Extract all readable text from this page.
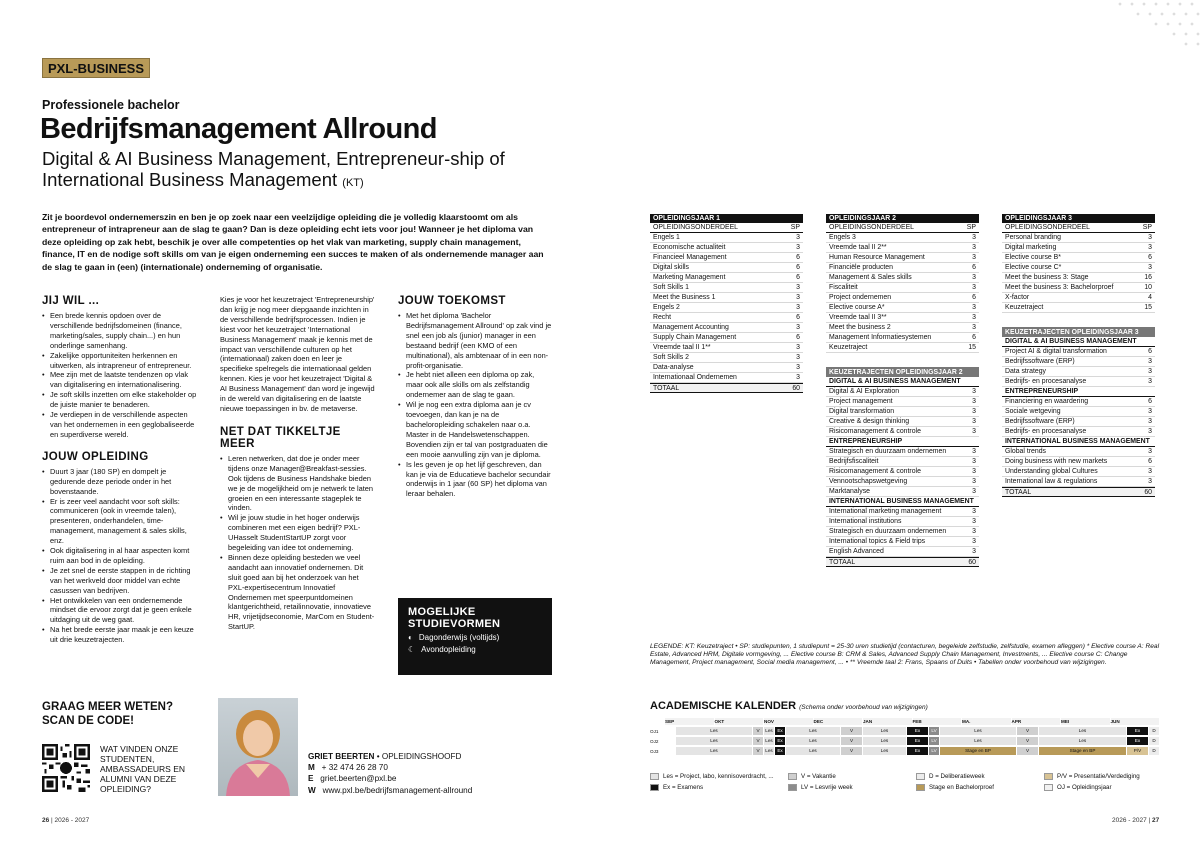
PXL-BUSINESS
Professionele bachelor
Bedrijfsmanagement Allround
Digital & AI Business Management, Entrepreneur-ship of International Business Management (KT)
Zit je boordevol ondernemerszin en ben je op zoek naar een veelzijdige opleiding die je volledig klaarstoomt om als entrepreneur of intrapreneur aan de slag te gaan? Dan is deze opleiding echt iets voor jou! Wanneer je het diploma van deze opleiding op zak hebt, beschik je over alle competenties op het vlak van marketing, supply chain management, finance, IT en de nodige soft skills om van je eigen onderneming een succes te maken of als ondernemende manager aan de slag te gaan in (een) (internationale) onderneming of organisatie.
JIJ WIL ...
• Een brede kennis opdoen over de verschillende bedrijfsdomeinen (finance, marketing/sales, supply chain...) en hun onderlinge samenhang.
• Zakelijke opportuniteiten herkennen en uitwerken, als intrapreneur of entrepreneur.
• Mee zijn met de laatste tendenzen op vlak van digitalisering en internationalisering.
• Je soft skills inzetten om elke stakeholder op de juiste manier te benaderen.
• Je verdiepen in de verschillende aspecten van het ondernemen in een geglobaliseerde en superdiverse wereld.
JOUW OPLEIDING
• Duurt 3 jaar (180 SP) en dompelt je gedurende deze periode onder in het bovenstaande.
• Er is zeer veel aandacht voor soft skills: communiceren (ook in vreemde talen), presenteren, onderhandelen, time-management, management & sales skills, enz.
• Ook digitalisering in al haar aspecten komt ruim aan bod in de opleiding.
• Je zet snel de eerste stappen in de richting van het werkveld door middel van echte casussen van bedrijven.
• Het ontwikkelen van een ondernemende mindset die ervoor zorgt dat je geen enkele uitdaging uit de weg gaat.
• Na het brede eerste jaar maak je een keuze uit drie keuzetrajecten.
Kies je voor het keuzetraject 'Entrepreneurship' dan krijg je nog meer diepgaande inzichten in de verschillende bedrijfsprocessen. Indien je kiest voor het keuzetraject 'International Business Management' maak je kennis met de impact van verschillende culturen op het (internationaal) zaken doen en leer je specifieke spelregels die internationaal gelden kennen. Kies je voor het keuzetraject 'Digital & AI Business Management' dan word je ingewijd in de wereld van digitalisering en de laatste nieuwe toepassingen in bv. de metaverse.
NET DAT TIKKELTJE MEER
• Leren netwerken, dat doe je onder meer tijdens onze Manager@Breakfast-sessies. Ook tijdens de Business Handshake bieden we je de mogelijkheid om je netwerk te laten groeien en een interessante stageplek te vinden.
• Wil je jouw studie in het hoger onderwijs combineren met een eigen bedrijf? PXL-UHasselt StudentStartUP zorgt voor begeleiding van idee tot onderneming.
• Binnen deze opleiding besteden we veel aandacht aan innovatief ondernemen. Dit sluit goed aan bij het onderzoek van het PXL-expertisecentrum Innovatief Ondernemen met speerpuntdomeinen klantgerichtheid, retailinnovatie, innovatieve HR, vrijetijdseconomie, MarCom en Student-StartUP.
JOUW TOEKOMST
• Met het diploma 'Bachelor Bedrijfsmanagement Allround' op zak vind je snel een job als (junior) manager in een bestaand bedrijf (een KMO of een multinational), als ambtenaar of in een non-profit-organisatie.
• Je hebt niet alleen een diploma op zak, maar ook alle skills om als zelfstandig ondernemer aan de slag te gaan.
• Wil je nog een extra diploma aan je cv toevoegen, dan kan je na de bacheloropleiding schakelen naar o.a. Master in de Handelswetenschappen. Bovendien zijn er tal van postgraduaten die een mooie aanvulling zijn van je diploma.
• Is les geven je op het lijf geschreven, dan kan je via de Educatieve bachelor secundair onderwijs in 1 jaar (60 SP) het diploma van leraar behalen.
MOGELIJKE STUDIEVORMEN
◐ Dagonderwijs (voltijds)
☾ Avondopleiding
GRAAG MEER WETEN? SCAN DE CODE!
WAT VINDEN ONZE STUDENTEN, AMBASSADEURS EN ALUMNI VAN DEZE OPLEIDING?
GRIET BEERTEN • OPLEIDINGSHOOFD
M + 32 474 26 28 70
E griet.beerten@pxl.be
W www.pxl.be/bedrijfsmanagement-allround
26 | 2026 - 2027	2026 - 2027 | 27
OPLEIDINGSJAAR 1
OPLEIDINGSONDERDEEL	SP
Engels 1	3
Economische actualiteit	3
Financieel Management	6
Digital skills	6
Marketing Management	6
Soft Skills 1	3
Meet the Business 1	3
Engels 2	3
Recht	6
Management Accounting	3
Supply Chain Management	6
Vreemde taal II 1**	3
Soft Skills 2	3
Data-analyse	3
Internationaal Ondernemen	3
TOTAAL	60
OPLEIDINGSJAAR 2
OPLEIDINGSONDERDEEL	SP
Engels 3	3
Vreemde taal II 2**	3
Human Resource Management	3
Financiële producten	6
Management & Sales skills	3
Fiscaliteit	3
Project ondernemen	6
Elective course A*	3
Vreemde taal II 3**	3
Meet the business 2	3
Management Informatiesystemen	6
Keuzetraject	15
KEUZETRAJECTEN OPLEIDINGSJAAR 2
DIGITAL & AI BUSINESS MANAGEMENT
Digital & AI Exploration	3
Project management	3
Digital transformation	3
Creative & design thinking	3
Risicomanagement & controle	3
ENTREPRENEURSHIP
Strategisch en duurzaam ondernemen	3
Bedrijfsfiscaliteit	3
Risicomanagement & controle	3
Vennootschapswetgeving	3
Marktanalyse	3
INTERNATIONAL BUSINESS MANAGEMENT
International marketing management	3
International institutions	3
Strategisch en duurzaam ondernemen	3
International topics & Field trips	3
English Advanced	3
TOTAAL	60
OPLEIDINGSJAAR 3
OPLEIDINGSONDERDEEL	SP
Personal branding	3
Digital marketing	3
Elective course B*	6
Elective course C*	3
Meet the business 3: Stage	16
Meet the business 3: Bachelorproef	10
X-factor	4
Keuzetraject	15
KEUZETRAJECTEN OPLEIDINGSJAAR 3
DIGITAL & AI BUSINESS MANAGEMENT
Project AI & digital transformation	6
Bedrijfssoftware (ERP)	3
Data strategy	3
Bedrijfs- en procesanalyse	3
ENTREPRENEURSHIP
Financiering en waardering	6
Sociale wetgeving	3
Bedrijfssoftware (ERP)	3
Bedrijfs- en procesanalyse	3
INTERNATIONAL BUSINESS MANAGEMENT
Global trends	3
Doing business with new markets	6
Understanding global Cultures	3
International law & regulations	3
TOTAAL	60
LEGENDE: KT: Keuzetraject • SP: studiepunten, 1 studiepunt = 25-30 uren studietijd (contacturen, begeleide zelfstudie, zelfstudie, examen afleggen) * Elective course A: Real Estate, Advanced HRM, Digitale vormgeving, ... Elective course B: CRM & Sales, Advanced Supply Chain Management, Investments, ... Elective course C: Change Management, Project management, Social media management, ... • ** Vreemde taal 2: Frans, Spaans of Duits • Tabellen onder voorbehoud van wijzigingen.
ACADEMISCHE KALENDER (Schema onder voorbehoud van wijzigingen)
SEP	OKT	NOV	DEC	JAN	FEB	MA.	APR	MEI	JUN
OJ1	Les	V	Les	Ex	Les	V	Les	Ex	LV	Les	V	Les	Ex	D
OJ2	Les	V	Les	Ex	Les	V	Les	Ex	LV	Les	V	Les	Ex	D
OJ3	Les	V	Les	Ex	Les	V	Les	Ex	LV	Stage en BP	V	Stage en BP	P/V	D
Les = Project, labo, kennisoverdracht, ...	V = Vakantie	D = Deliberatieweek	P/V = Presentatie/Verdediging
Ex = Examens	LV = Lesvrije week	Stage en Bachelorproef	OJ = Opleidingsjaar
